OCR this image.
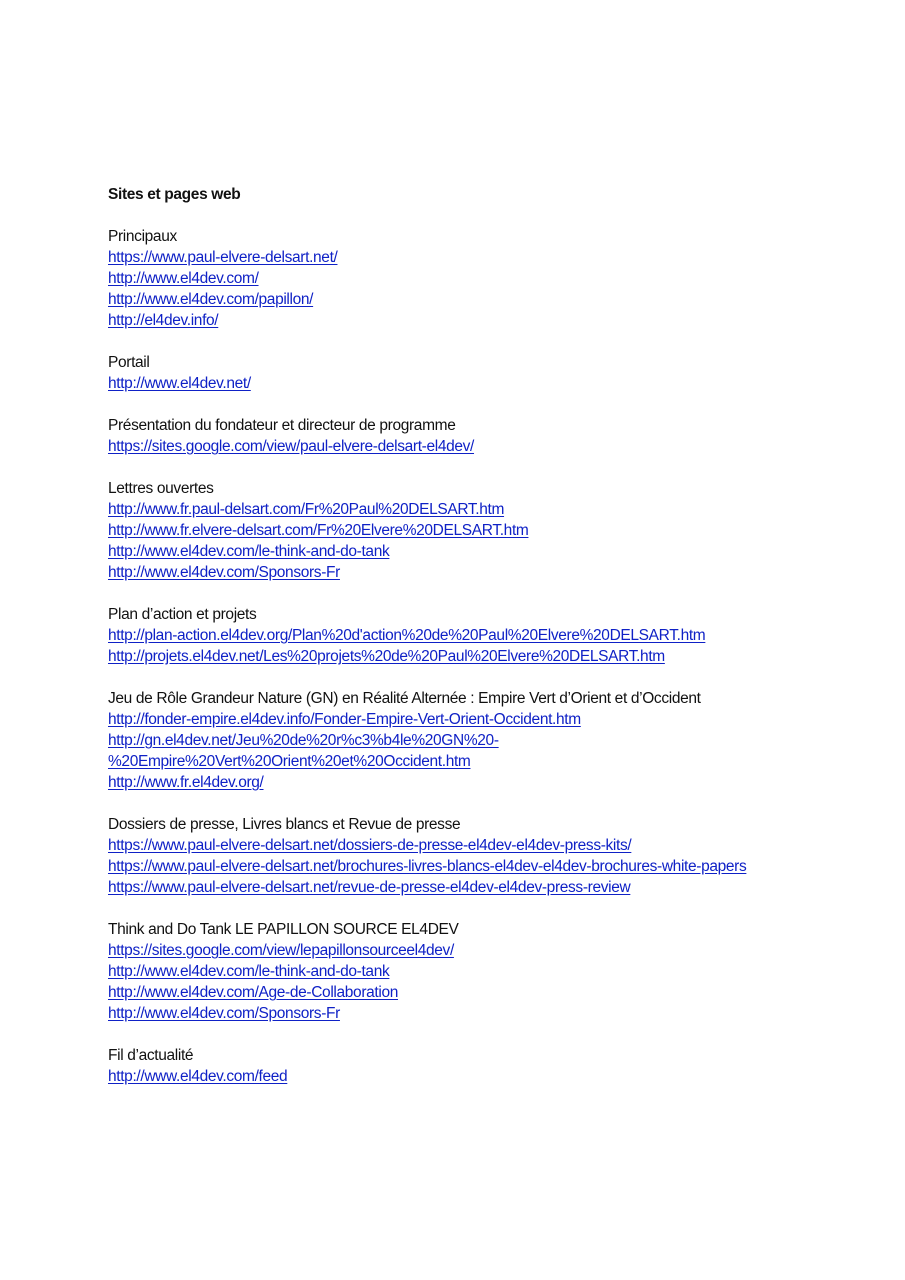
Sites et pages web
Principaux
https://www.paul-elvere-delsart.net/
http://www.el4dev.com/
http://www.el4dev.com/papillon/
http://el4dev.info/
Portail
http://www.el4dev.net/
Présentation du fondateur et directeur de programme
https://sites.google.com/view/paul-elvere-delsart-el4dev/
Lettres ouvertes
http://www.fr.paul-delsart.com/Fr%20Paul%20DELSART.htm
http://www.fr.elvere-delsart.com/Fr%20Elvere%20DELSART.htm
http://www.el4dev.com/le-think-and-do-tank
http://www.el4dev.com/Sponsors-Fr
Plan d’action et projets
http://plan-action.el4dev.org/Plan%20d'action%20de%20Paul%20Elvere%20DELSART.htm
http://projets.el4dev.net/Les%20projets%20de%20Paul%20Elvere%20DELSART.htm
Jeu de Rôle Grandeur Nature (GN) en Réalité Alternée : Empire Vert d’Orient et d’Occident
http://fonder-empire.el4dev.info/Fonder-Empire-Vert-Orient-Occident.htm
http://gn.el4dev.net/Jeu%20de%20r%c3%b4le%20GN%20-
%20Empire%20Vert%20Orient%20et%20Occident.htm
http://www.fr.el4dev.org/
Dossiers de presse, Livres blancs et Revue de presse
https://www.paul-elvere-delsart.net/dossiers-de-presse-el4dev-el4dev-press-kits/
https://www.paul-elvere-delsart.net/brochures-livres-blancs-el4dev-el4dev-brochures-white-papers
https://www.paul-elvere-delsart.net/revue-de-presse-el4dev-el4dev-press-review
Think and Do Tank LE PAPILLON SOURCE EL4DEV
https://sites.google.com/view/lepapillonsourceel4dev/
http://www.el4dev.com/le-think-and-do-tank
http://www.el4dev.com/Age-de-Collaboration
http://www.el4dev.com/Sponsors-Fr
Fil d’actualité
http://www.el4dev.com/feed
